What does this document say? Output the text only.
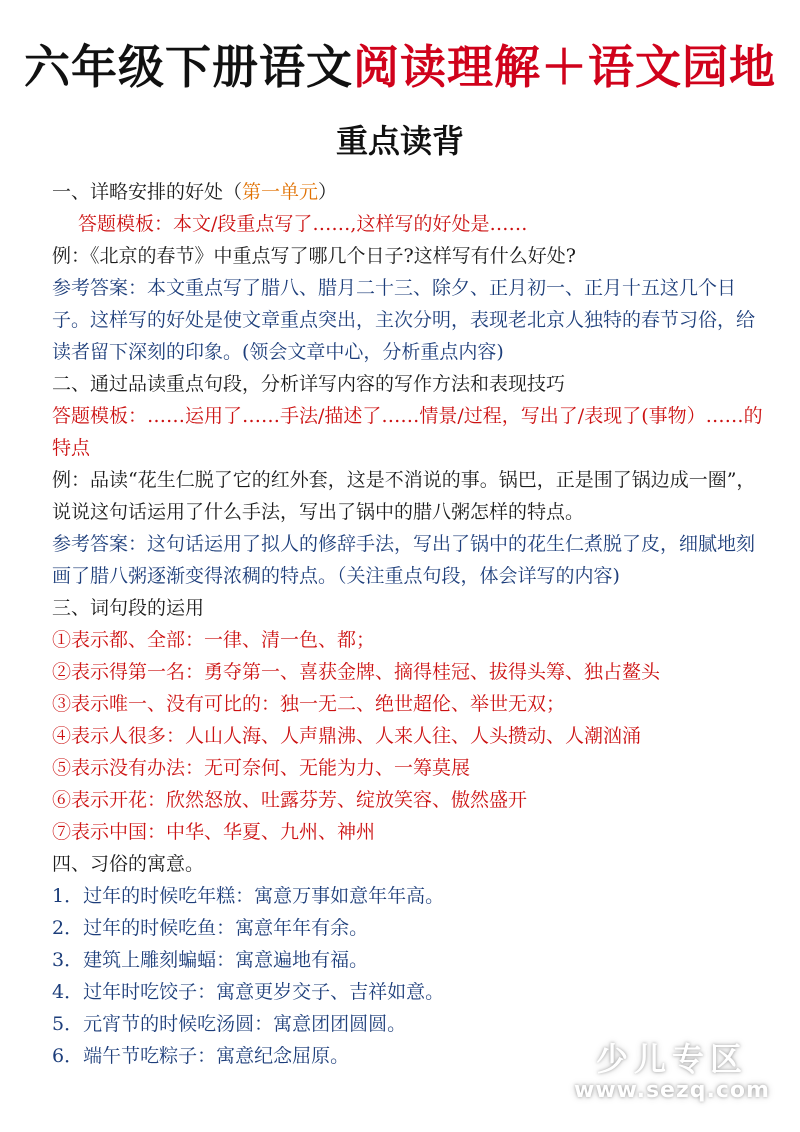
六年级下册语文阅读理解＋语文园地
重点读背
一、详略安排的好处（第一单元）
答题模板：本文/段重点写了……,这样写的好处是……
例：《北京的春节》中重点写了哪几个日子?这样写有什么好处?
参考答案：本文重点写了腊八、腊月二十三、除夕、正月初一、正月十五这几个日子。这样写的好处是使文章重点突出，主次分明，表现老北京人独特的春节习俗，给读者留下深刻的印象。(领会文章中心，分析重点内容)
二、通过品读重点句段，分析详写内容的写作方法和表现技巧
答题模板：……运用了……手法/描述了……情景/过程，写出了/表现了(事物）……的特点
例：品读“花生仁脱了它的红外套，这是不消说的事。锅巴，正是围了锅边成一圈”，说说这句话运用了什么手法，写出了锅中的腊八粥怎样的特点。
参考答案：这句话运用了拟人的修辞手法，写出了锅中的花生仁煮脱了皮，细腻地刻画了腊八粥逐渐变得浓稠的特点。（关注重点句段，体会详写的内容)
三、词句段的运用
①表示都、全部：一律、清一色、都；
②表示得第一名：勇夺第一、喜获金牌、摘得桂冠、拔得头筹、独占鳌头
③表示唯一、没有可比的：独一无二、绝世超伦、举世无双；
④表示人很多：人山人海、人声鼎沸、人来人往、人头攒动、人潮汹涌
⑤表示没有办法：无可奈何、无能为力、一筹莫展
⑥表示开花：欣然怒放、吐露芬芳、绽放笑容、傲然盛开
⑦表示中国：中华、华夏、九州、神州
四、习俗的寓意。
1．过年的时候吃年糕：寓意万事如意年年高。
2．过年的时候吃鱼：寓意年年有余。
3．建筑上雕刻蝙蝠：寓意遍地有福。
4．过年时吃饺子：寓意更岁交子、吉祥如意。
5．元宵节的时候吃汤圆：寓意团团圆圆。
6．端午节吃粽子：寓意纪念屈原。	少儿专区
www.sezq.com
